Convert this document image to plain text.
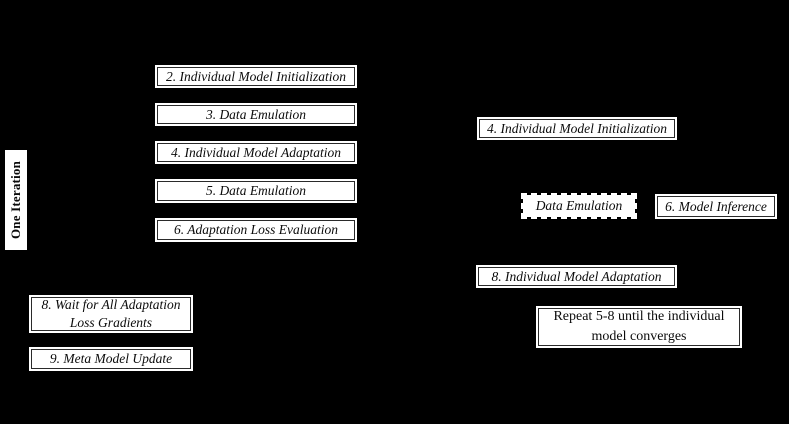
One Iteration
2. Individual Model Initialization
3. Data Emulation
4. Individual Model Adaptation
5. Data Emulation
6. Adaptation Loss Evaluation
8. Wait for All Adaptation Loss Gradients
9. Meta Model Update
4. Individual Model Initialization
Data Emulation	6. Model Inference
8. Individual Model Adaptation
Repeat 5-8 until the individual model converges
